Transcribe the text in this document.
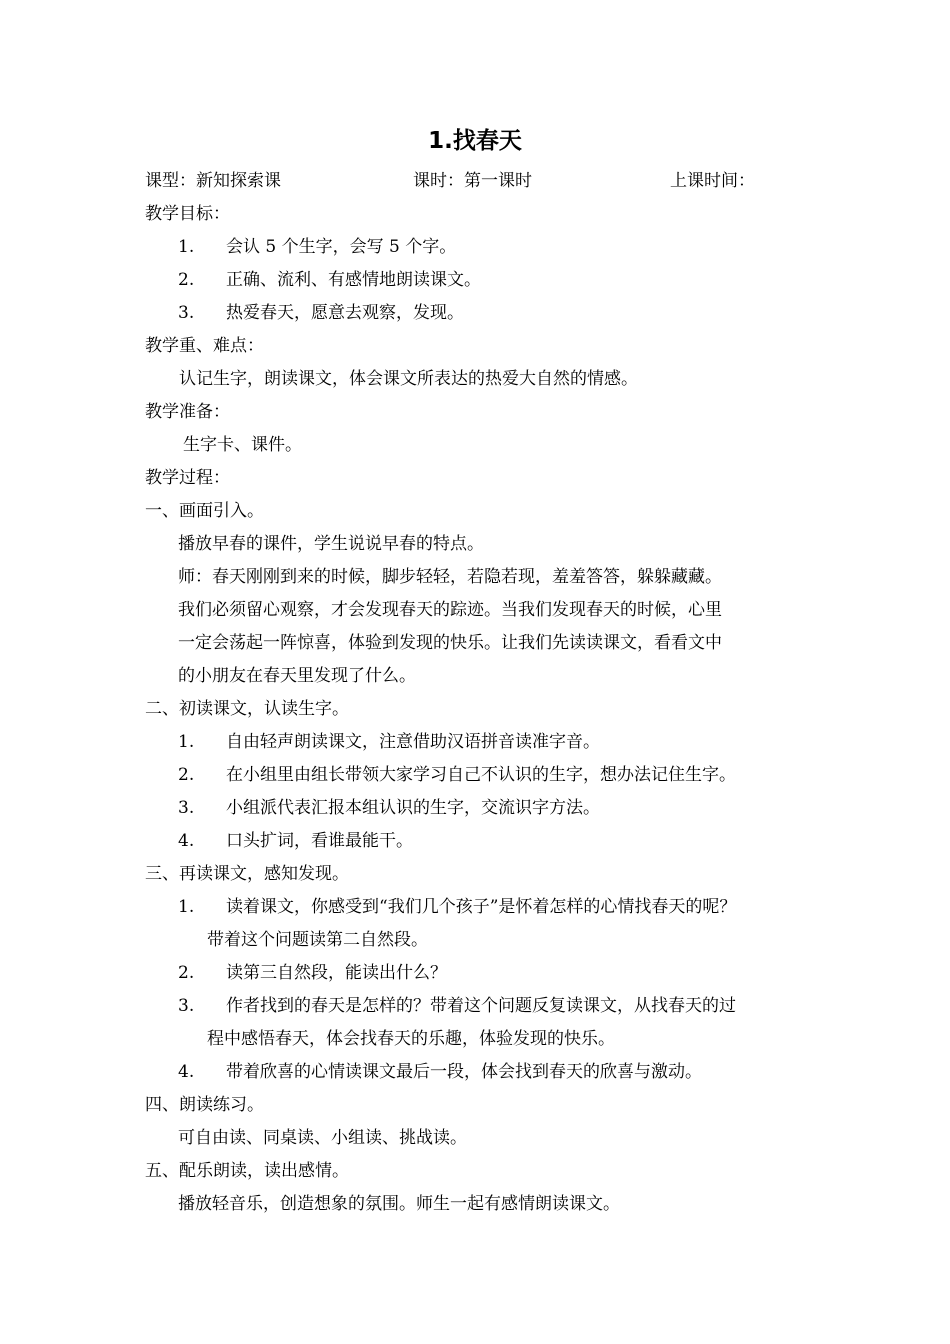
1.找春天
课型：新知探索课	课时：第一课时	上课时间：
教学目标：
1. 会认 5 个生字，会写 5 个字。
2. 正确、流利、有感情地朗读课文。
3. 热爱春天，愿意去观察，发现。
教学重、难点：
认记生字，朗读课文，体会课文所表达的热爱大自然的情感。
教学准备：
生字卡、课件。
教学过程：
一、画面引入。
播放早春的课件，学生说说早春的特点。
师：春天刚刚到来的时候，脚步轻轻，若隐若现，羞羞答答，躲躲藏藏。
我们必须留心观察，才会发现春天的踪迹。当我们发现春天的时候，心里
一定会荡起一阵惊喜，体验到发现的快乐。让我们先读读课文，看看文中
的小朋友在春天里发现了什么。
二、初读课文，认读生字。
1. 自由轻声朗读课文，注意借助汉语拼音读准字音。
2. 在小组里由组长带领大家学习自己不认识的生字，想办法记住生字。
3. 小组派代表汇报本组认识的生字，交流识字方法。
4. 口头扩词，看谁最能干。
三、再读课文，感知发现。
1. 读着课文，你感受到“我们几个孩子”是怀着怎样的心情找春天的呢？
带着这个问题读第二自然段。
2. 读第三自然段，能读出什么？
3. 作者找到的春天是怎样的？带着这个问题反复读课文，从找春天的过
程中感悟春天，体会找春天的乐趣，体验发现的快乐。
4. 带着欣喜的心情读课文最后一段，体会找到春天的欣喜与激动。
四、朗读练习。
可自由读、同桌读、小组读、挑战读。
五、配乐朗读，读出感情。
播放轻音乐，创造想象的氛围。师生一起有感情朗读课文。
